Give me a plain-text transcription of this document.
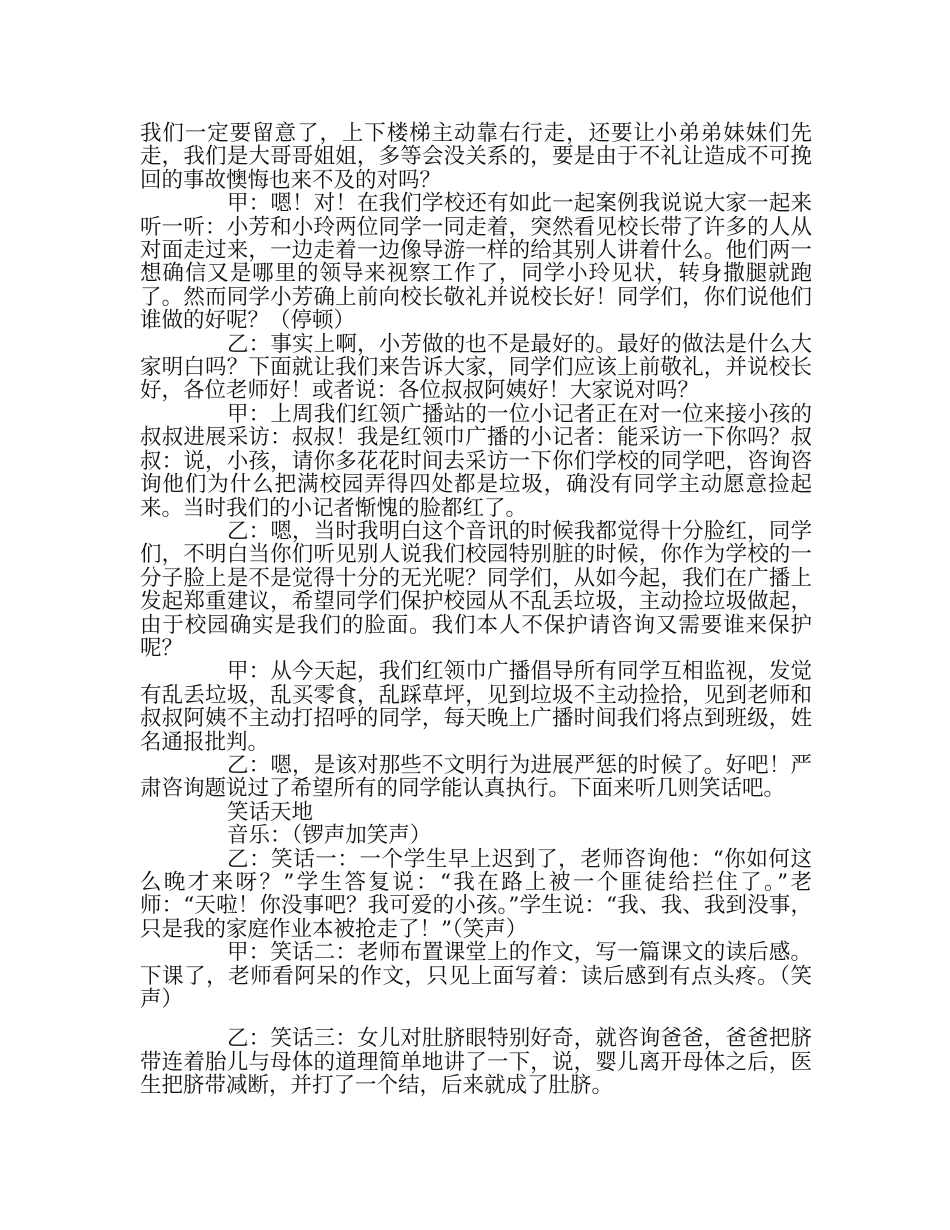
我们一定要留意了，上下楼梯主动靠右行走，还要让小弟弟妹妹们先走，我们是大哥哥姐姐，多等会没关系的，要是由于不礼让造成不可挽回的事故懊悔也来不及的对吗？

甲：嗯！对！在我们学校还有如此一起案例我说说大家一起来听一听：小芳和小玲两位同学一同走着，突然看见校长带了许多的人从对面走过来，一边走着一边像导游一样的给其别人讲着什么。他们两一想确信又是哪里的领导来视察工作了，同学小玲见状，转身撒腿就跑了。然而同学小芳确上前向校长敬礼并说校长好！同学们，你们说他们谁做的好呢？（停顿）

乙：事实上啊，小芳做的也不是最好的。最好的做法是什么大家明白吗？下面就让我们来告诉大家，同学们应该上前敬礼，并说校长好，各位老师好！或者说：各位叔叔阿姨好！大家说对吗？

甲：上周我们红领广播站的一位小记者正在对一位来接小孩的叔叔进展采访：叔叔！我是红领巾广播的小记者：能采访一下你吗？叔叔：说，小孩，请你多花花时间去采访一下你们学校的同学吧，咨询咨询他们为什么把满校园弄得四处都是垃圾，确没有同学主动愿意捡起来。当时我们的小记者惭愧的脸都红了。

乙：嗯，当时我明白这个音讯的时候我都觉得十分脸红，同学们，不明白当你们听见别人说我们校园特别脏的时候，你作为学校的一分子脸上是不是觉得十分的无光呢？同学们，从如今起，我们在广播上发起郑重建议，希望同学们保护校园从不乱丢垃圾，主动捡垃圾做起，由于校园确实是我们的脸面。我们本人不保护请咨询又需要谁来保护呢？

甲：从今天起，我们红领巾广播倡导所有同学互相监视，发觉有乱丢垃圾，乱买零食，乱踩草坪，见到垃圾不主动捡拾，见到老师和叔叔阿姨不主动打招呼的同学，每天晚上广播时间我们将点到班级，姓名通报批判。

乙：嗯，是该对那些不文明行为进展严惩的时候了。好吧！严肃咨询题说过了希望所有的同学能认真执行。下面来听几则笑话吧。

笑话天地

音乐：（锣声加笑声）

乙：笑话一：一个学生早上迟到了，老师咨询他：“你如何这么晚才来呀？”学生答复说：“我在路上被一个匪徒给拦住了。”老师：“天啦！你没事吧？我可爱的小孩。”学生说：“我、我、我到没事，只是我的家庭作业本被抢走了！”（笑声）

甲：笑话二：老师布置课堂上的作文，写一篇课文的读后感。下课了，老师看阿呆的作文，只见上面写着：读后感到有点头疼。（笑声）

乙：笑话三：女儿对肚脐眼特别好奇，就咨询爸爸，爸爸把脐带连着胎儿与母体的道理简单地讲了一下，说，婴儿离开母体之后，医生把脐带减断，并打了一个结，后来就成了肚脐。
